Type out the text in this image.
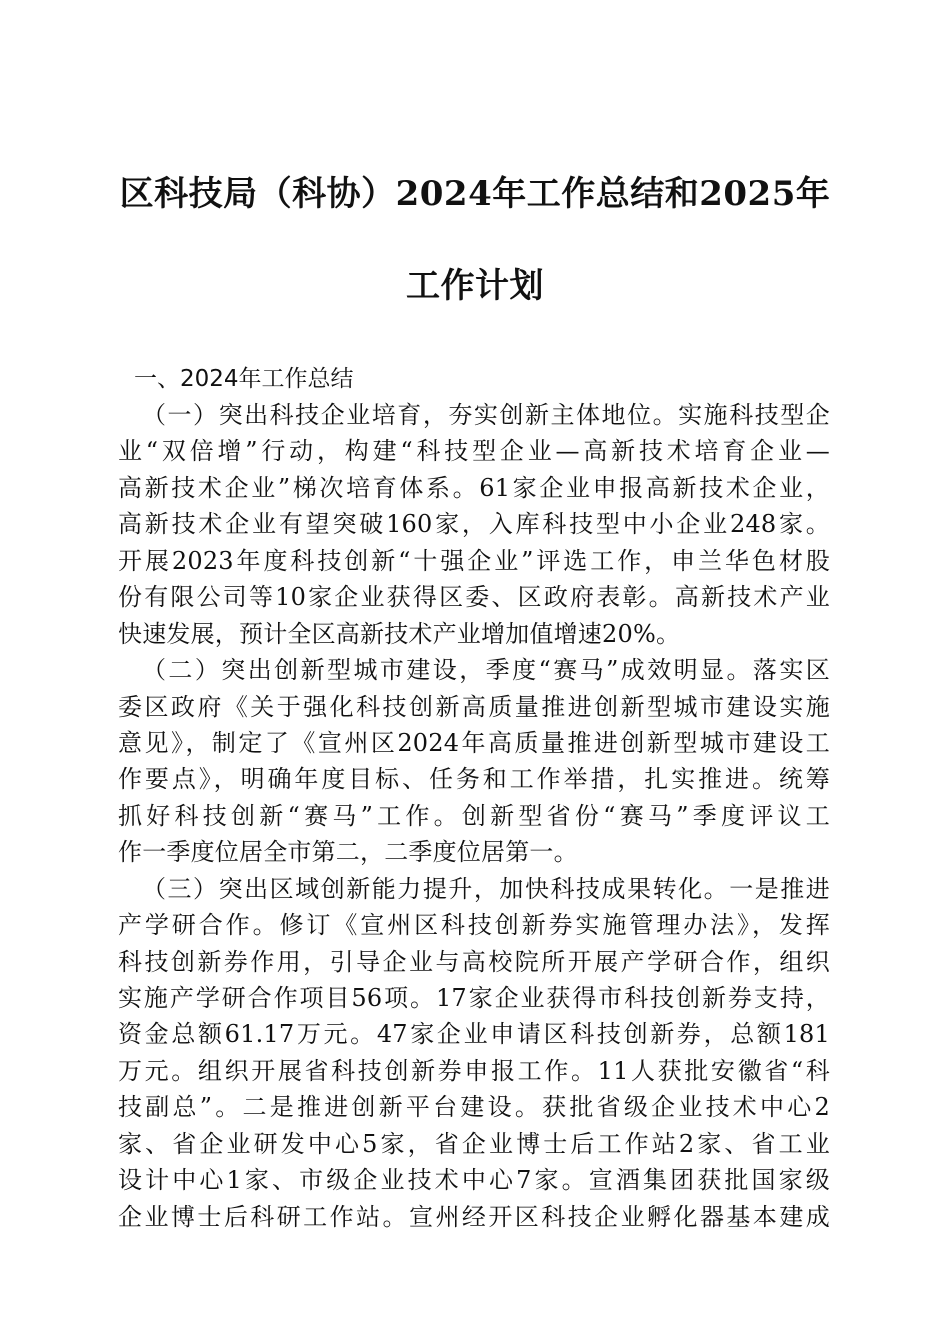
区科技局（科协）2024年工作总结和2025年
工作计划
一、2024年工作总结
（一）突出科技企业培育，夯实创新主体地位。实施科技型企
业“双倍增”行动，构建“科技型企业—高新技术培育企业—
高新技术企业”梯次培育体系。61家企业申报高新技术企业，
高新技术企业有望突破160家，入库科技型中小企业248家。
开展2023年度科技创新“十强企业”评选工作，申兰华色材股
份有限公司等10家企业获得区委、区政府表彰。高新技术产业
快速发展，预计全区高新技术产业增加值增速20%。
（二）突出创新型城市建设，季度“赛马”成效明显。落实区
委区政府《关于强化科技创新高质量推进创新型城市建设实施
意见》，制定了《宣州区2024年高质量推进创新型城市建设工
作要点》，明确年度目标、任务和工作举措，扎实推进。统筹
抓好科技创新“赛马”工作。创新型省份“赛马”季度评议工
作一季度位居全市第二，二季度位居第一。
（三）突出区域创新能力提升，加快科技成果转化。一是推进
产学研合作。修订《宣州区科技创新券实施管理办法》，发挥
科技创新券作用，引导企业与高校院所开展产学研合作，组织
实施产学研合作项目56项。17家企业获得市科技创新券支持，
资金总额61.17万元。47家企业申请区科技创新券，总额181
万元。组织开展省科技创新券申报工作。11人获批安徽省“科
技副总”。二是推进创新平台建设。获批省级企业技术中心2
家、省企业研发中心5家，省企业博士后工作站2家、省工业
设计中心1家、市级企业技术中心7家。宣酒集团获批国家级
企业博士后科研工作站。宣州经开区科技企业孵化器基本建成
